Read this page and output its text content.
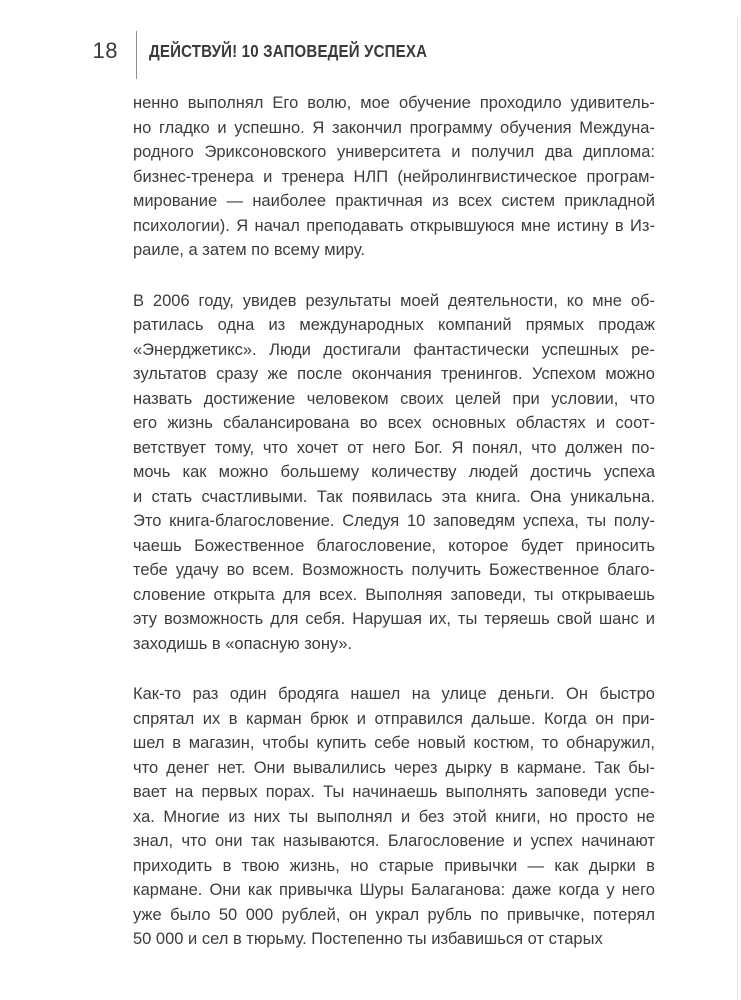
18 ДЕЙСТВУЙ! 10 ЗАПОВЕДЕЙ УСПЕХА
ненно выполнял Его волю, мое обучение проходило удивитель-
но гладко и успешно. Я закончил программу обучения Междуна-
родного Эриксоновского университета и получил два диплома:
бизнес-тренера и тренера НЛП (нейролингвистическое програм-
мирование — наиболее практичная из всех систем прикладной
психологии). Я начал преподавать открывшуюся мне истину в Из-
раиле, а затем по всему миру.
В 2006 году, увидев результаты моей деятельности, ко мне об-
ратилась одна из международных компаний прямых продаж
«Энерджетикс». Люди достигали фантастически успешных ре-
зультатов сразу же после окончания тренингов. Успехом можно
назвать достижение человеком своих целей при условии, что
его жизнь сбалансирована во всех основных областях и соот-
ветствует тому, что хочет от него Бог. Я понял, что должен по-
мочь как можно большему количеству людей достичь успеха
и стать счастливыми. Так появилась эта книга. Она уникальна.
Это книга-благословение. Следуя 10 заповедям успеха, ты полу-
чаешь Божественное благословение, которое будет приносить
тебе удачу во всем. Возможность получить Божественное благо-
словение открыта для всех. Выполняя заповеди, ты открываешь
эту возможность для себя. Нарушая их, ты теряешь свой шанс и
заходишь в «опасную зону».
Как-то раз один бродяга нашел на улице деньги. Он быстро
спрятал их в карман брюк и отправился дальше. Когда он при-
шел в магазин, чтобы купить себе новый костюм, то обнаружил,
что денег нет. Они вывалились через дырку в кармане. Так бы-
вает на первых порах. Ты начинаешь выполнять заповеди успе-
ха. Многие из них ты выполнял и без этой книги, но просто не
знал, что они так называются. Благословение и успех начинают
приходить в твою жизнь, но старые привычки — как дырки в
кармане. Они как привычка Шуры Балаганова: даже когда у него
уже было 50 000 рублей, он украл рубль по привычке, потерял
50 000 и сел в тюрьму. Постепенно ты избавишься от старых
